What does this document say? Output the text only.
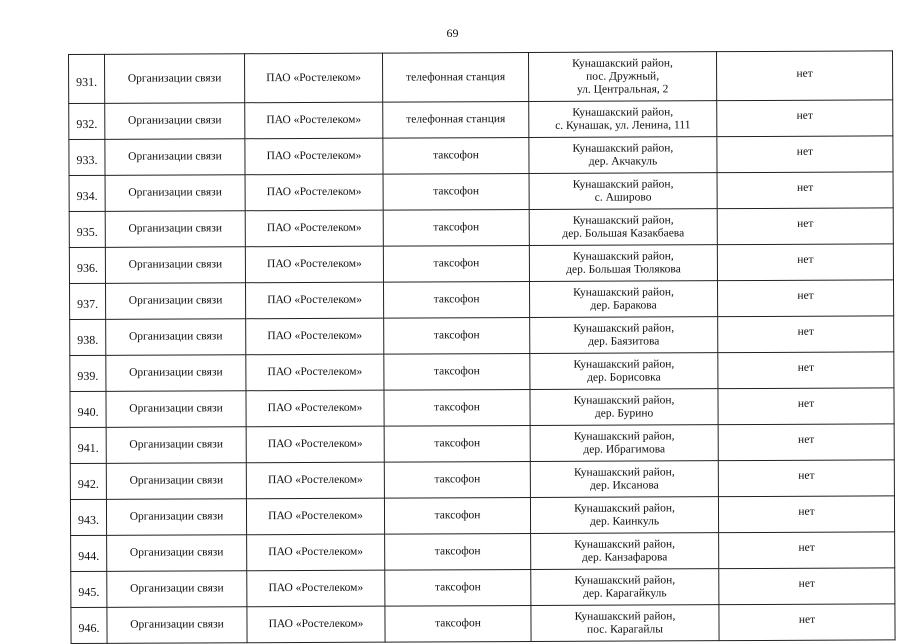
69
931.	Организации связи	ПАО «Ростелеком»	телефонная станция	Кунашакский район,
пос. Дружный,
ул. Центральная, 2	нет
932.	Организации связи	ПАО «Ростелеком»	телефонная станция	Кунашакский район,
с. Кунашак, ул. Ленина, 111	нет
933.	Организации связи	ПАО «Ростелеком»	таксофон	Кунашакский район,
дер. Акчакуль	нет
934.	Организации связи	ПАО «Ростелеком»	таксофон	Кунашакский район,
с. Аширово	нет
935.	Организации связи	ПАО «Ростелеком»	таксофон	Кунашакский район,
дер. Большая Казакбаева	нет
936.	Организации связи	ПАО «Ростелеком»	таксофон	Кунашакский район,
дер. Большая Тюлякова	нет
937.	Организации связи	ПАО «Ростелеком»	таксофон	Кунашакский район,
дер. Баракова	нет
938.	Организации связи	ПАО «Ростелеком»	таксофон	Кунашакский район,
дер. Баязитова	нет
939.	Организации связи	ПАО «Ростелеком»	таксофон	Кунашакский район,
дер. Борисовка	нет
940.	Организации связи	ПАО «Ростелеком»	таксофон	Кунашакский район,
дер. Бурино	нет
941.	Организации связи	ПАО «Ростелеком»	таксофон	Кунашакский район,
дер. Ибрагимова	нет
942.	Организации связи	ПАО «Ростелеком»	таксофон	Кунашакский район,
дер. Иксанова	нет
943.	Организации связи	ПАО «Ростелеком»	таксофон	Кунашакский район,
дер. Каинкуль	нет
944.	Организации связи	ПАО «Ростелеком»	таксофон	Кунашакский район,
дер. Канзафарова	нет
945.	Организации связи	ПАО «Ростелеком»	таксофон	Кунашакский район,
дер. Карагайкуль	нет
946.	Организации связи	ПАО «Ростелеком»	таксофон	Кунашакский район,
пос. Карагайлы	нет
